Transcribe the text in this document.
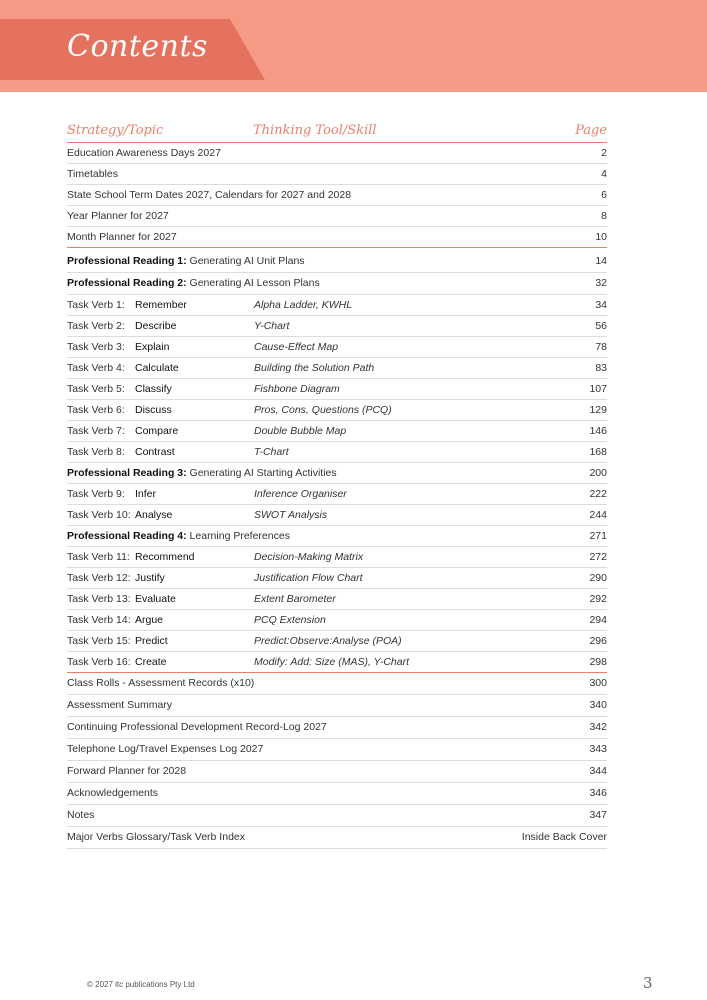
Contents
Strategy/Topic	Thinking Tool/Skill	Page
Education Awareness Days 2027	2
Timetables	4
State School Term Dates 2027, Calendars for 2027 and 2028	6
Year Planner for 2027	8
Month Planner for 2027	10
Professional Reading 1: Generating AI Unit Plans	14
Professional Reading 2: Generating AI Lesson Plans	32
Task Verb 1: Remember	Alpha Ladder, KWHL	34
Task Verb 2: Describe	Y-Chart	56
Task Verb 3: Explain	Cause-Effect Map	78
Task Verb 4: Calculate	Building the Solution Path	83
Task Verb 5: Classify	Fishbone Diagram	107
Task Verb 6: Discuss	Pros, Cons, Questions (PCQ)	129
Task Verb 7: Compare	Double Bubble Map	146
Task Verb 8: Contrast	T-Chart	168
Professional Reading 3: Generating AI Starting Activities	200
Task Verb 9: Infer	Inference Organiser	222
Task Verb 10: Analyse	SWOT Analysis	244
Professional Reading 4: Learning Preferences	271
Task Verb 11: Recommend	Decision-Making Matrix	272
Task Verb 12: Justify	Justification Flow Chart	290
Task Verb 13: Evaluate	Extent Barometer	292
Task Verb 14: Argue	PCQ Extension	294
Task Verb 15: Predict	Predict:Observe:Analyse (POA)	296
Task Verb 16: Create	Modify: Add: Size (MAS), Y-Chart	298
Class Rolls - Assessment Records (x10)	300
Assessment Summary	340
Continuing Professional Development Record-Log 2027	342
Telephone Log/Travel Expenses Log 2027	343
Forward Planner for 2028	344
Acknowledgements	346
Notes	347
Major Verbs Glossary/Task Verb Index	Inside Back Cover
© 2027 itc publications Pty Ltd	3
